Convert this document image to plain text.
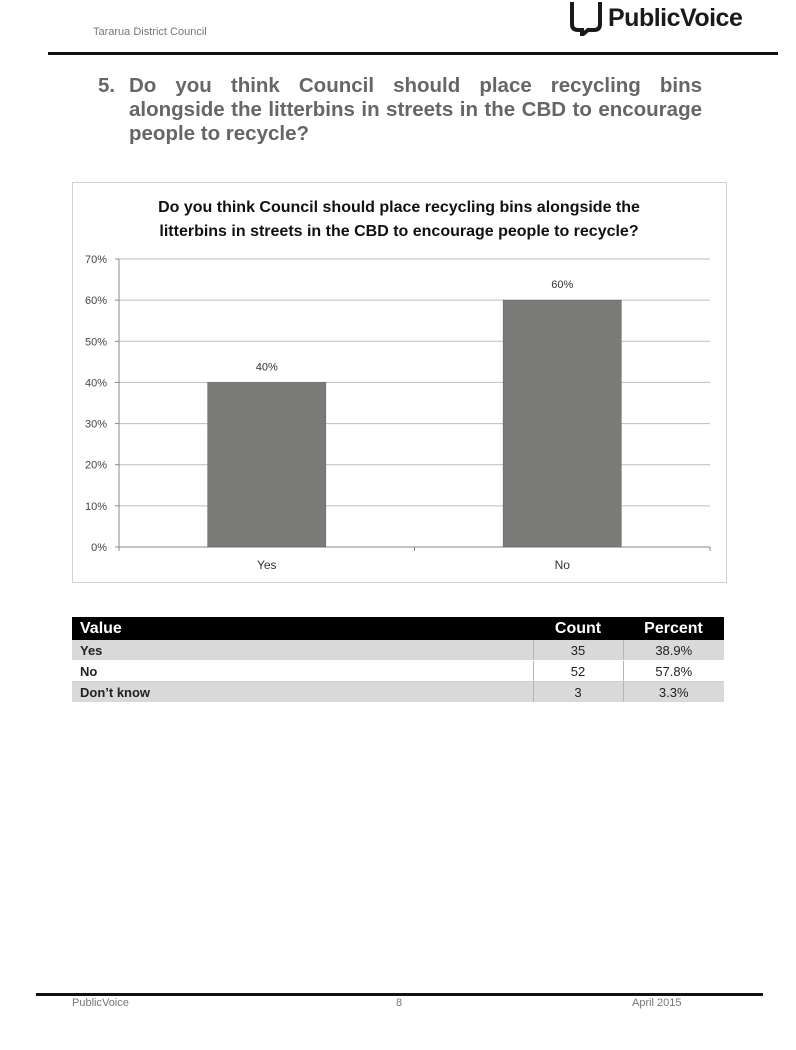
Tararua District Council
PublicVoice
5. Do you think Council should place recycling bins alongside the litterbins in streets in the CBD to encourage people to recycle?
Do you think Council should place recycling bins alongside the
litterbins in streets in the CBD to encourage people to recycle?
0%
10%
20%
30%
40%
50%
60%
70%
40%
Yes
60%
No
Value	Count	Percent
Yes	35	38.9%
No	52	57.8%
Don’t know	3	3.3%
PublicVoice	8	April 2015
